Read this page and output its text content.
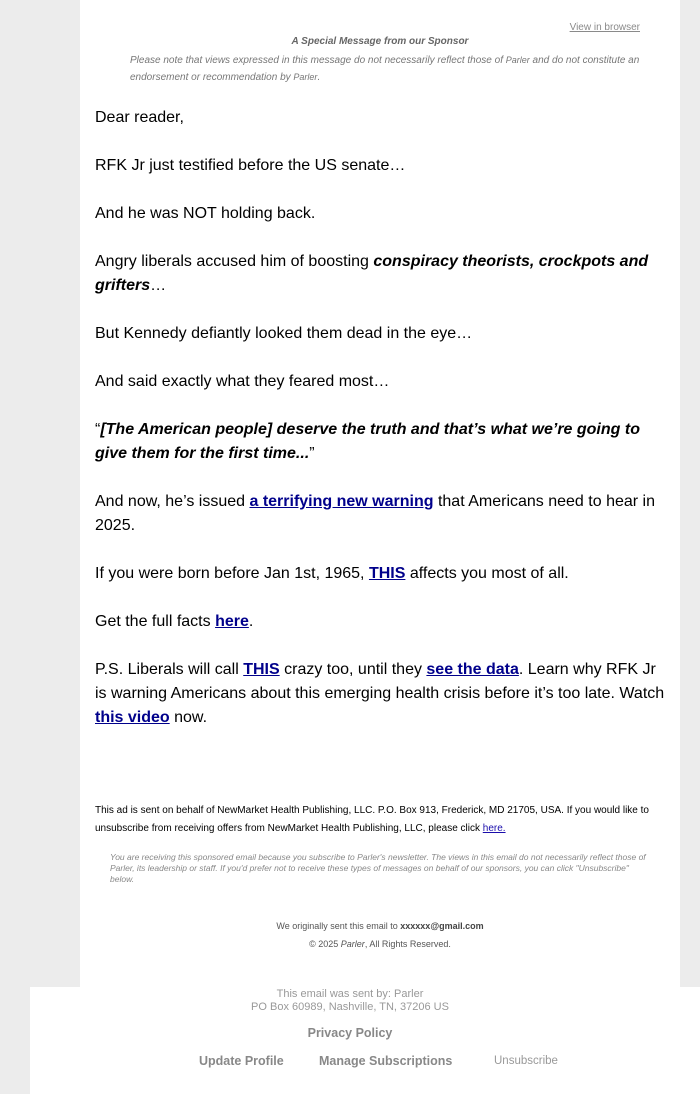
View in browser
A Special Message from our Sponsor
Please note that views expressed in this message do not necessarily reflect those of Parler and do not constitute an endorsement or recommendation by Parler.

Dear reader,

RFK Jr just testified before the US senate…

And he was NOT holding back.

Angry liberals accused him of boosting conspiracy theorists, crockpots and grifters…

But Kennedy defiantly looked them dead in the eye…

And said exactly what they feared most…

“[The American people] deserve the truth and that’s what we’re going to give them for the first time...”

And now, he’s issued a terrifying new warning that Americans need to hear in 2025.

If you were born before Jan 1st, 1965, THIS affects you most of all.

Get the full facts here.

P.S. Liberals will call THIS crazy too, until they see the data. Learn why RFK Jr is warning Americans about this emerging health crisis before it’s too late. Watch this video now.

This ad is sent on behalf of NewMarket Health Publishing, LLC. P.O. Box 913, Frederick, MD 21705, USA. If you would like to unsubscribe from receiving offers from NewMarket Health Publishing, LLC, please click here.
You are receiving this sponsored email because you subscribe to Parler's newsletter. The views in this email do not necessarily reflect those of Parler, its leadership or staff. If you'd prefer not to receive these types of messages on behalf of our sponsors, you can click "Unsubscribe" below.
We originally sent this email to xxxxxx@gmail.com
© 2025 Parler, All Rights Reserved.
This email was sent by: Parler
PO Box 60989, Nashville, TN, 37206 US
Privacy Policy
Update Profile	Manage Subscriptions	Unsubscribe
